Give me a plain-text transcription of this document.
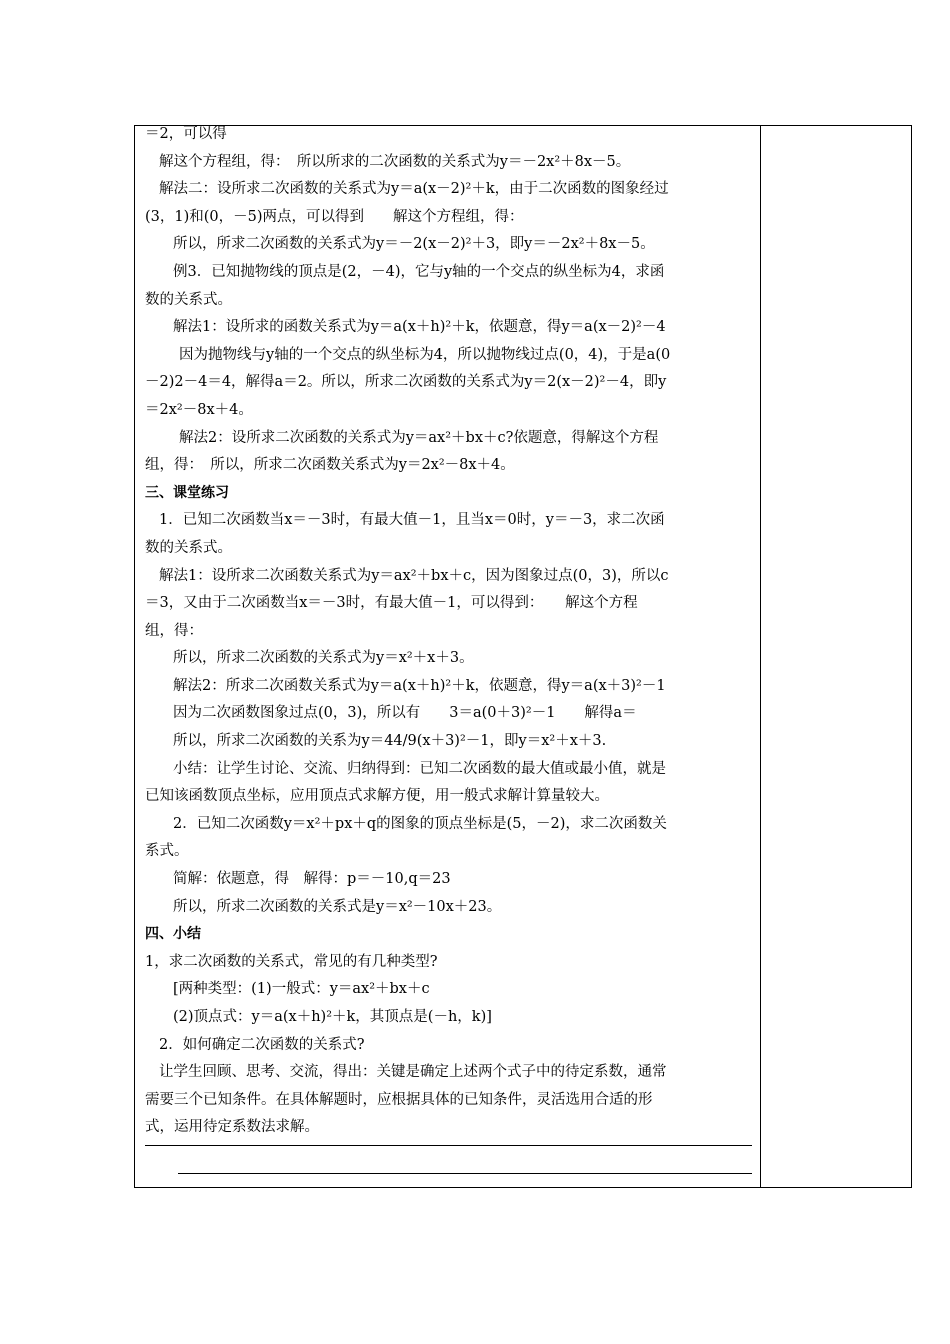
＝2，可以得
解这个方程组，得：　所以所求的二次函数的关系式为y＝－2x²＋8x－5。
解法二：设所求二次函数的关系式为y＝a(x－2)²＋k，由于二次函数的图象经过
(3，1)和(0，－5)两点，可以得到　　解这个方程组，得：
所以，所求二次函数的关系式为y＝－2(x－2)²＋3，即y＝－2x²＋8x－5。
例3．已知抛物线的顶点是(2，－4)，它与y轴的一个交点的纵坐标为4，求函
数的关系式。
解法1：设所求的函数关系式为y＝a(x＋h)²＋k，依题意，得y＝a(x－2)²－4
因为抛物线与y轴的一个交点的纵坐标为4，所以抛物线过点(0，4)，于是a(0
－2)2－4＝4，解得a＝2。所以，所求二次函数的关系式为y＝2(x－2)²－4，即y
＝2x²－8x＋4。
解法2：设所求二次函数的关系式为y＝ax²＋bx＋c?依题意，得解这个方程
组，得：　所以，所求二次函数关系式为y＝2x²－8x＋4。
三、课堂练习
1．已知二次函数当x＝－3时，有最大值－1，且当x＝0时，y＝－3，求二次函
数的关系式。
解法1：设所求二次函数关系式为y＝ax²＋bx＋c，因为图象过点(0，3)，所以c
＝3，又由于二次函数当x＝－3时，有最大值－1，可以得到：　　解这个方程
组，得：
所以，所求二次函数的关系式为y＝x²＋x＋3。
解法2：所求二次函数关系式为y＝a(x＋h)²＋k，依题意，得y＝a(x＋3)²－1
因为二次函数图象过点(0，3)，所以有　　3＝a(0＋3)²－1　　解得a＝
所以，所求二次函数的关系为y＝44/9(x＋3)²－1，即y＝x²＋x＋3.
小结：让学生讨论、交流、归纳得到：已知二次函数的最大值或最小值，就是
已知该函数顶点坐标，应用顶点式求解方便，用一般式求解计算量较大。
2．已知二次函数y＝x²＋px＋q的图象的顶点坐标是(5，－2)，求二次函数关
系式。
简解：依题意，得　解得：p＝－10,q＝23
所以，所求二次函数的关系式是y＝x²－10x＋23。
四、小结
1，求二次函数的关系式，常见的有几种类型?
[两种类型：(1)一般式：y＝ax²＋bx＋c
(2)顶点式：y＝a(x＋h)²＋k，其顶点是(－h，k)]
2．如何确定二次函数的关系式?
让学生回顾、思考、交流，得出：关键是确定上述两个式子中的待定系数，通常
需要三个已知条件。在具体解题时，应根据具体的已知条件，灵活选用合适的形
式，运用待定系数法求解。
